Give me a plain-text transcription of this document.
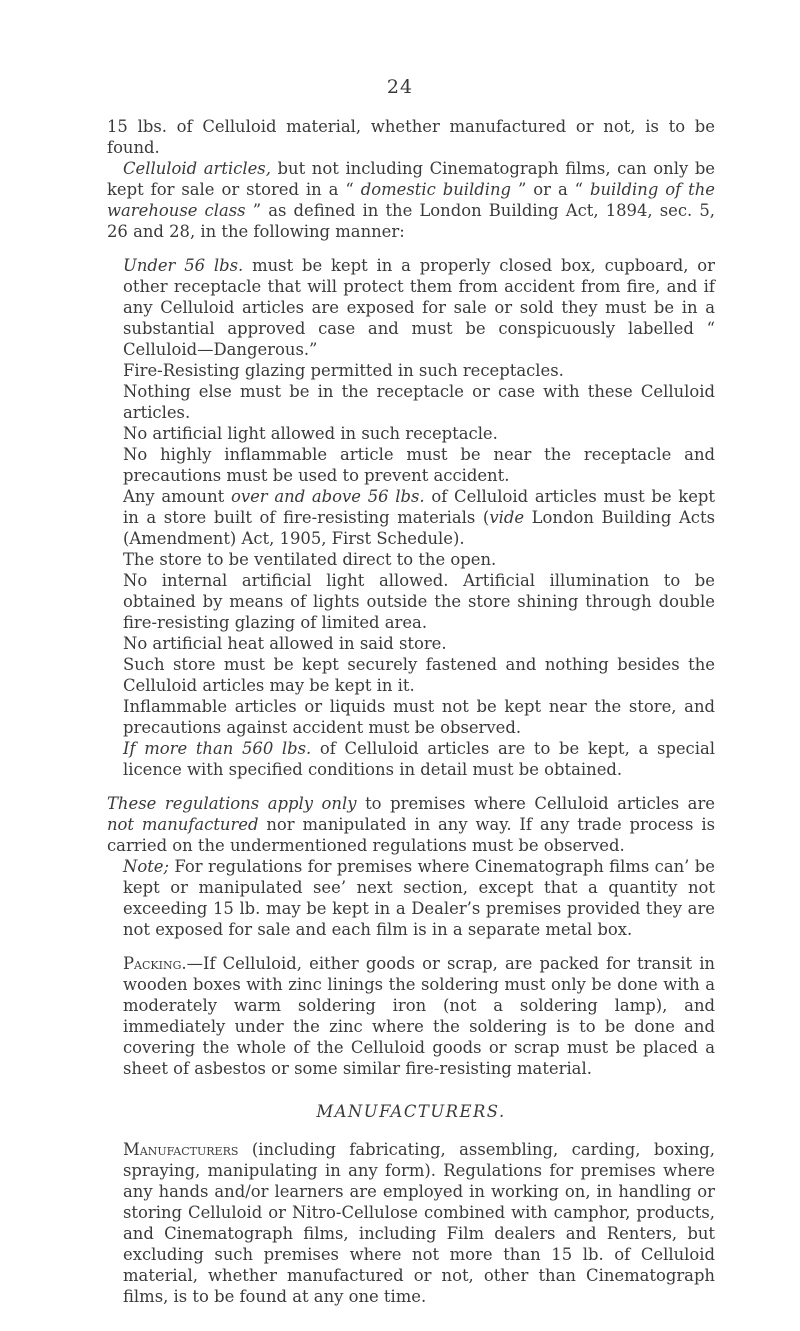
24

15 lbs. of Celluloid material, whether manufactured or not, is to be found.

Celluloid articles, but not including Cinematograph films, can only be kept for sale or stored in a “ domestic building ” or a “ building of the warehouse class ” as defined in the London Building Act, 1894, sec. 5, 26 and 28, in the following manner:

Under 56 lbs. must be kept in a properly closed box, cupboard, or other receptacle that will protect them from accident from fire, and if any Celluloid articles are exposed for sale or sold they must be in a substantial approved case and must be conspicuously labelled “ Celluloid—Dangerous.”

Fire-Resisting glazing permitted in such receptacles.

Nothing else must be in the receptacle or case with these Celluloid articles.

No artificial light allowed in such receptacle.

No highly inflammable article must be near the receptacle and precautions must be used to prevent accident.

Any amount over and above 56 lbs. of Celluloid articles must be kept in a store built of fire-resisting materials (vide London Building Acts (Amendment) Act, 1905, First Schedule).

The store to be ventilated direct to the open.

No internal artificial light allowed. Artificial illumination to be obtained by means of lights outside the store shining through double fire-resisting glazing of limited area.

No artificial heat allowed in said store.

Such store must be kept securely fastened and nothing besides the Celluloid articles may be kept in it.

Inflammable articles or liquids must not be kept near the store, and precautions against accident must be observed.

If more than 560 lbs. of Celluloid articles are to be kept, a special licence with specified conditions in detail must be obtained.

These regulations apply only to premises where Celluloid articles are not manufactured nor manipulated in any way. If any trade process is carried on the undermentioned regulations must be observed.

Note; For regulations for premises where Cinematograph films can’ be kept or manipulated see’ next section, except that a quantity not exceeding 15 lb. may be kept in a Dealer’s premises provided they are not exposed for sale and each film is in a separate metal box.

Packing.—If Celluloid, either goods or scrap, are packed for transit in wooden boxes with zinc linings the soldering must only be done with a moderately warm soldering iron (not a soldering lamp), and immediately under the zinc where the soldering is to be done and covering the whole of the Celluloid goods or scrap must be placed a sheet of asbestos or some similar fire-resisting material.

MANUFACTURERS.

Manufacturers (including fabricating, assembling, carding, boxing, spraying, manipulating in any form). Regulations for premises where any hands and/or learners are employed in working on, in handling or storing Celluloid or Nitro-Cellulose combined with camphor, products, and Cinematograph films, including Film dealers and Renters, but excluding such premises where not more than 15 lb. of Celluloid material, whether manufactured or not, other than Cinematograph films, is to be found at any one time.
